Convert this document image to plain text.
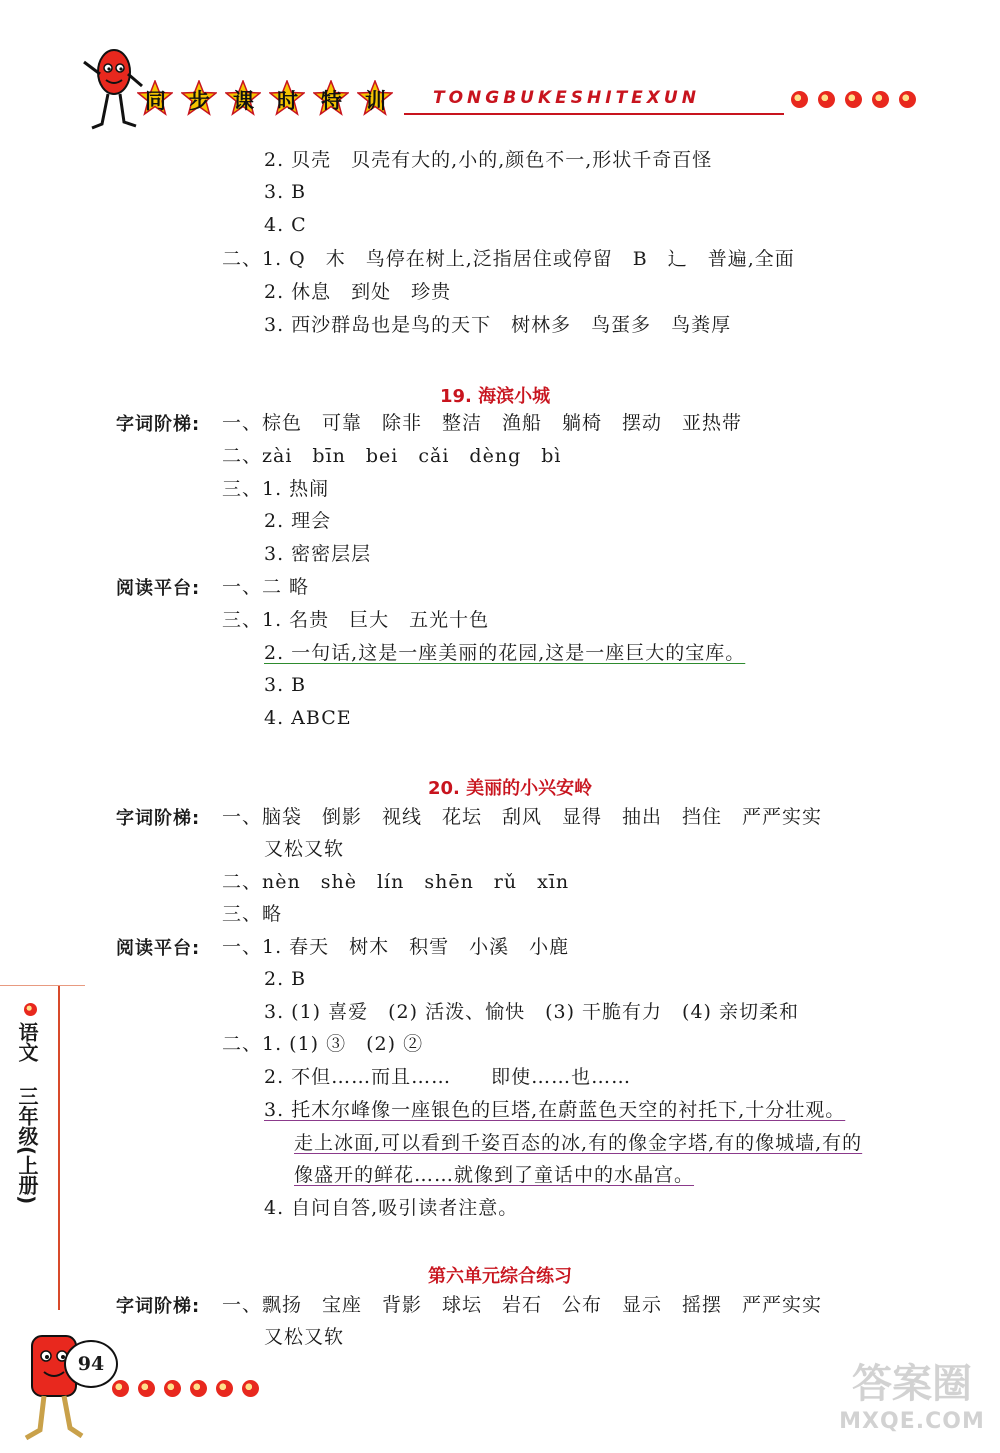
同 步 课 时 特 训	TONGBUKESHITEXUN
语文
三年级(上册)
2. 贝壳　贝壳有大的,小的,颜色不一,形状千奇百怪
3. B
4. C
二、1. Q　木　鸟停在树上,泛指居住或停留　B　辶　普遍,全面
2. 休息　到处　珍贵
3. 西沙群岛也是鸟的天下　树林多　鸟蛋多　鸟粪厚
19. 海滨小城
字词阶梯: 一、棕色　可靠　除非　整洁　渔船　躺椅　摆动　亚热带
二、zài　bīn　bei　cǎi　dèng　bì
三、1. 热闹
2. 理会
3. 密密层层
阅读平台: 一、二 略
三、1. 名贵　巨大　五光十色
2. 一句话,这是一座美丽的花园,这是一座巨大的宝库。
3. B
4. ABCE
20. 美丽的小兴安岭
字词阶梯: 一、脑袋　倒影　视线　花坛　刮风　显得　抽出　挡住　严严实实
又松又软
二、nèn　shè　lín　shēn　rǔ　xīn
三、略
阅读平台: 一、1. 春天　树木　积雪　小溪　小鹿
2. B
3. (1) 喜爱　(2) 活泼、愉快　(3) 干脆有力　(4) 亲切柔和
二、1. (1) ③　(2) ②
2. 不但……而且……　　即使……也……
3. 托木尔峰像一座银色的巨塔,在蔚蓝色天空的衬托下,十分壮观。
走上冰面,可以看到千姿百态的冰,有的像金字塔,有的像城墙,有的
像盛开的鲜花……就像到了童话中的水晶宫。
4. 自问自答,吸引读者注意。
第六单元综合练习
字词阶梯: 一、飘扬　宝座　背影　球坛　岩石　公布　显示　摇摆　严严实实
又松又软
94	答案圈
MXQE.COM
